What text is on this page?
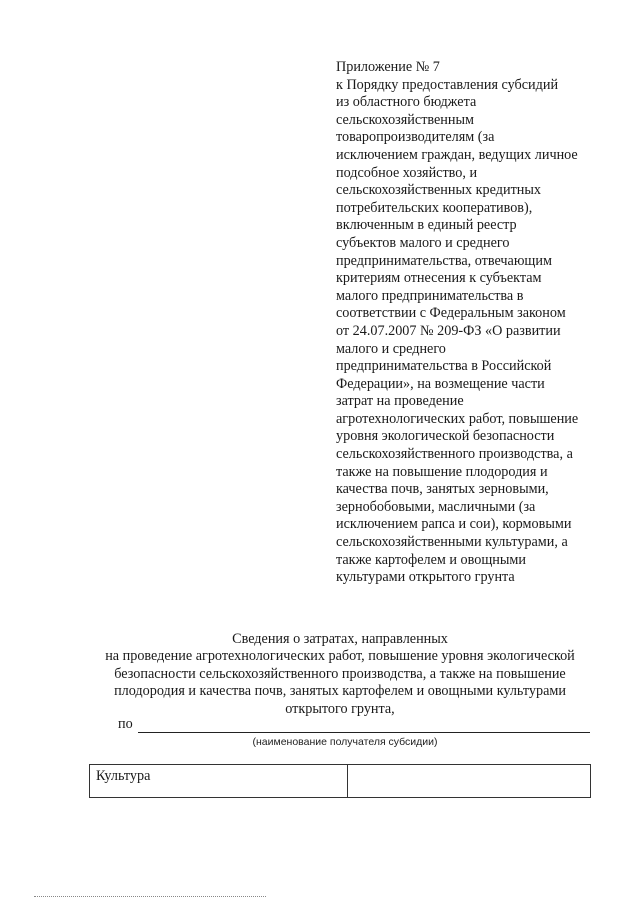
Приложение № 7
к Порядку предоставления субсидий
из областного бюджета
сельскохозяйственным
товаропроизводителям (за
исключением граждан, ведущих личное
подсобное хозяйство, и
сельскохозяйственных кредитных
потребительских кооперативов),
включенным в единый реестр
субъектов малого и среднего
предпринимательства, отвечающим
критериям отнесения к субъектам
малого предпринимательства в
соответствии с Федеральным законом
от 24.07.2007 № 209-ФЗ «О развитии
малого и среднего
предпринимательства в Российской
Федерации», на возмещение части
затрат на проведение
агротехнологических работ, повышение
уровня экологической безопасности
сельскохозяйственного производства, а
также на повышение плодородия и
качества почв, занятых зерновыми,
зернобобовыми, масличными (за
исключением рапса и сои), кормовыми
сельскохозяйственными культурами, а
также картофелем и овощными
культурами открытого грунта
Сведения о затратах, направленных
на проведение агротехнологических работ, повышение уровня экологической
безопасности сельскохозяйственного производства, а также на повышение
плодородия и качества почв, занятых картофелем и овощными культурами
открытого грунта,
по
(наименование получателя субсидии)
Культура
